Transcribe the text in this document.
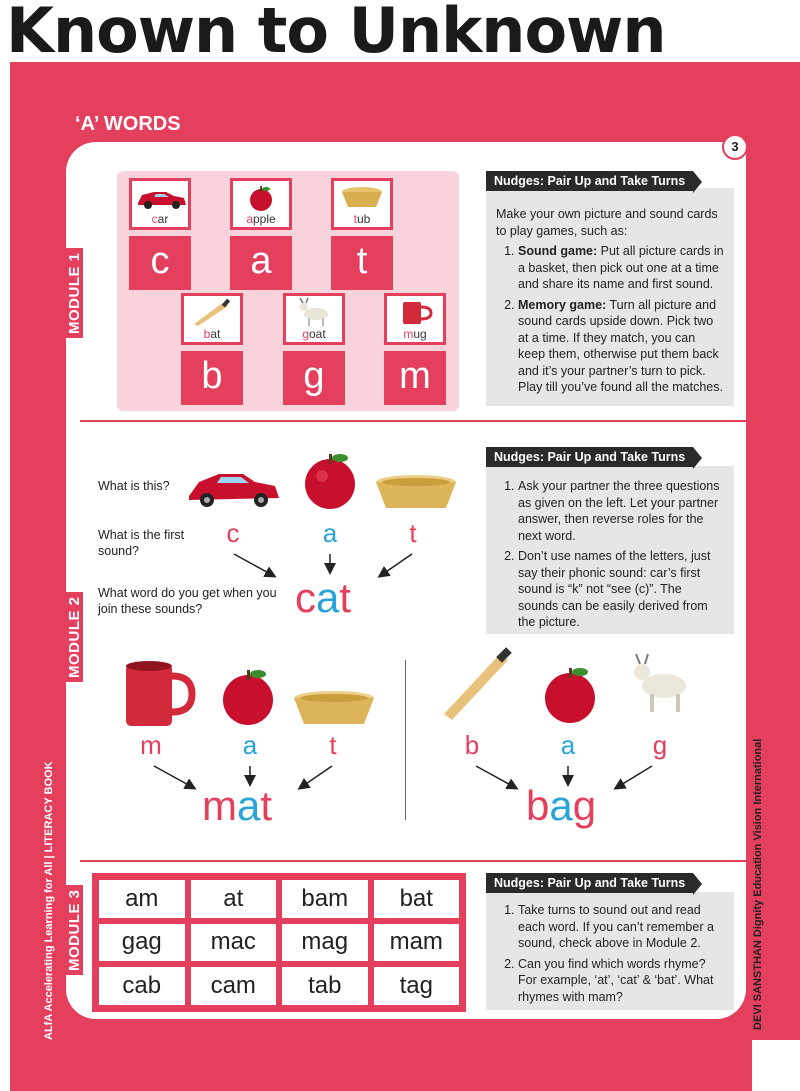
Known to Unknown
‘A’ WORDS
3
MODULE 1
MODULE 2
MODULE 3
car	apple	tub
c	a	t
bat	goat	mug
b	g	m

Make your own picture and sound cards to play games, such as:

1. Sound game: Put all picture cards in a basket, then pick out one at a time and share its name and first sound.
2. Memory game: Turn all picture and sound cards upside down. Pick two at a time. If they match, you can keep them, otherwise put them back and it’s your partner’s turn to pick. Play till you’ve found all the matches.
Nudges: Pair Up and Take Turns
What is this?
What is the first sound?
What word do you get when you join these sounds?
c	a	t
cat
1. Ask your partner the three questions as given on the left. Let your partner answer, then reverse roles for the next word.
2. Don’t use names of the letters, just say their phonic sound: car’s first sound is “k” not “see (c)”. The sounds can be easily derived from the picture.
Nudges: Pair Up and Take Turns
m	a	t
mat
b	a	g
bag
am	at	bam	bat
gag	mac	mag	mam
cab	cam	tab	tag
1. Take turns to sound out and read each word. If you can’t remember a sound, check above in Module 2.
2. Can you find which words rhyme? For example, ‘at’, ‘cat’ & ‘bat’. What rhymes with mam?
Nudges: Pair Up and Take Turns
ALfA Accelerating Learning for All | LITERACY BOOK	DEVI SANSTHAN Dignity Education Vision International LEAVE NO ONE BEHIND
